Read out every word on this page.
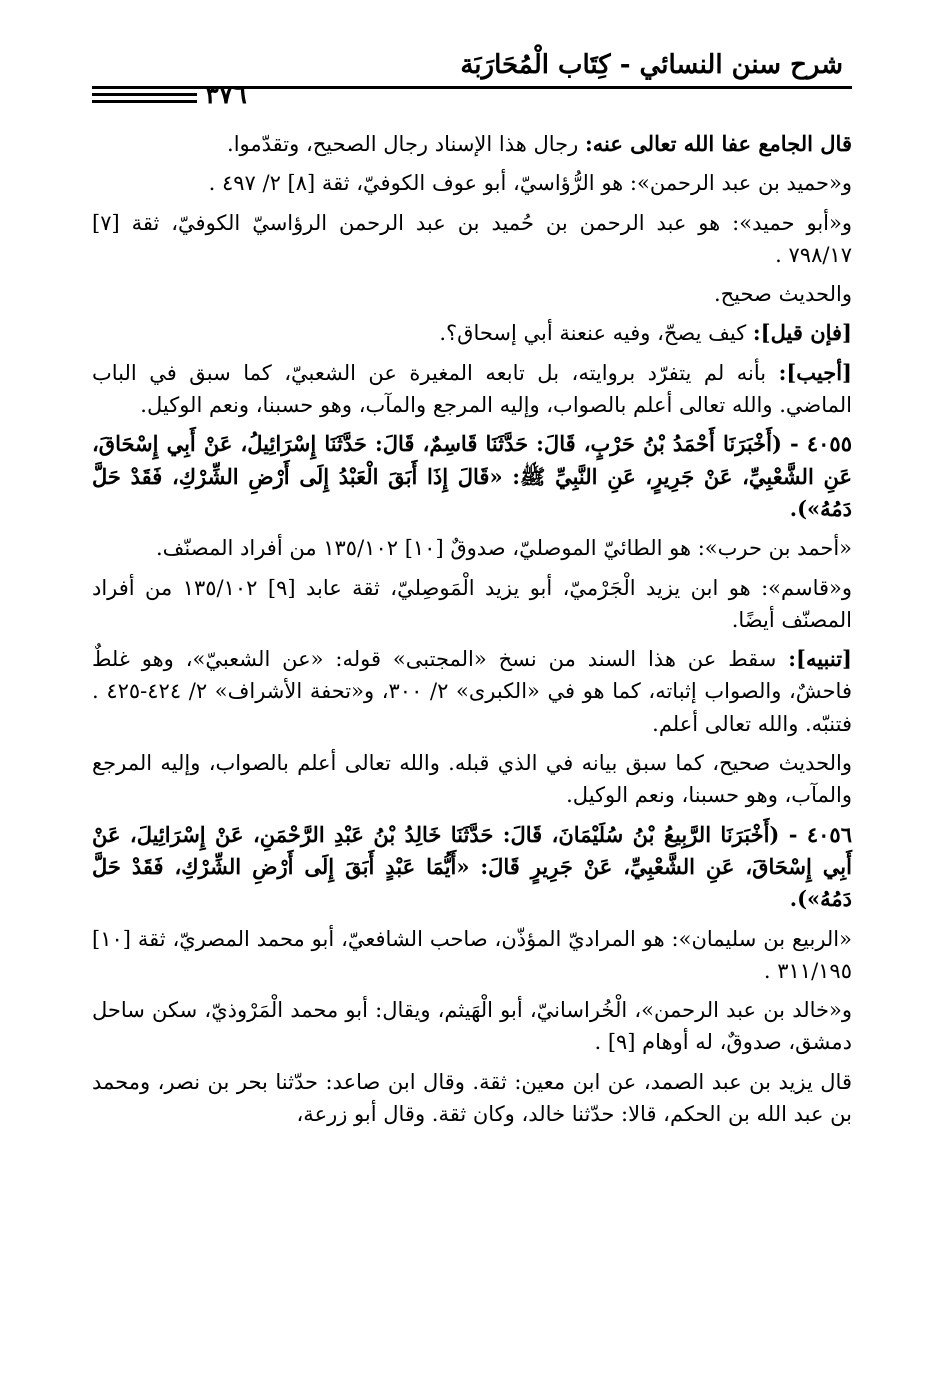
شرح سنن النسائي - كِتَاب الْمُحَارَبَة
٣٧٦

قال الجامع عفا الله تعالى عنه: رجال هذا الإسناد رجال الصحيح، وتقدّموا.

و«حميد بن عبد الرحمن»: هو الرُّؤاسيّ، أبو عوف الكوفيّ، ثقة [٨] ٢/ ٤٩٧ .

و«أبو حميد»: هو عبد الرحمن بن حُميد بن عبد الرحمن الرؤاسيّ الكوفيّ، ثقة [٧] ٧٩٨/١٧ .

والحديث صحيح.

[فإن قيل]: كيف يصحّ، وفيه عنعنة أبي إسحاق؟.

[أجيب]: بأنه لم يتفرّد بروايته، بل تابعه المغيرة عن الشعبيّ، كما سبق في الباب الماضي. والله تعالى أعلم بالصواب، وإليه المرجع والمآب، وهو حسبنا، ونعم الوكيل.

٤٠٥٥ - (أَخْبَرَنَا أَحْمَدُ بْنُ حَرْبٍ، قَالَ: حَدَّثَنَا قَاسِمٌ، قَالَ: حَدَّثَنَا إِسْرَائِيلُ، عَنْ أَبِي إِسْحَاقَ، عَنِ الشَّعْبِيِّ، عَنْ جَرِيرٍ، عَنِ النَّبِيِّ ﷺ: «قَالَ إِذَا أَبَقَ الْعَبْدُ إِلَى أَرْضِ الشِّرْكِ، فَقَدْ حَلَّ دَمُهُ»).

«أحمد بن حرب»: هو الطائيّ الموصليّ، صدوقٌ [١٠] ١٣٥/١٠٢ من أفراد المصنّف.

و«قاسم»: هو ابن يزيد الْجَرْميّ، أبو يزيد الْمَوصِليّ، ثقة عابد [٩] ١٣٥/١٠٢ من أفراد المصنّف أيضًا.

[تنبيه]: سقط عن هذا السند من نسخ «المجتبى» قوله: «عن الشعبيّ»، وهو غلطٌ فاحشٌ، والصواب إثباته، كما هو في «الكبرى» ٢/ ٣٠٠، و«تحفة الأشراف» ٢/ ٤٢٤-٤٢٥ . فتنبّه. والله تعالى أعلم.

والحديث صحيح، كما سبق بيانه في الذي قبله. والله تعالى أعلم بالصواب، وإليه المرجع والمآب، وهو حسبنا، ونعم الوكيل.

٤٠٥٦ - (أَخْبَرَنَا الرَّبِيعُ بْنُ سُلَيْمَانَ، قَالَ: حَدَّثَنَا خَالِدُ بْنُ عَبْدِ الرَّحْمَنِ، عَنْ إِسْرَائِيلَ، عَنْ أَبِي إِسْحَاقَ، عَنِ الشَّعْبِيِّ، عَنْ جَرِيرٍ قَالَ: «أَيُّمَا عَبْدٍ أَبَقَ إِلَى أَرْضِ الشِّرْكِ، فَقَدْ حَلَّ دَمُهُ»).

«الربيع بن سليمان»: هو المراديّ المؤذّن، صاحب الشافعيّ، أبو محمد المصريّ، ثقة [١٠] ٣١١/١٩٥ .

و«خالد بن عبد الرحمن»، الْخُراسانيّ، أبو الْهَيثم، ويقال: أبو محمد الْمَرْوذيّ، سكن ساحل دمشق، صدوقٌ، له أوهام [٩] .

قال يزيد بن عبد الصمد، عن ابن معين: ثقة. وقال ابن صاعد: حدّثنا بحر بن نصر، ومحمد بن عبد الله بن الحكم، قالا: حدّثنا خالد، وكان ثقة. وقال أبو زرعة،
